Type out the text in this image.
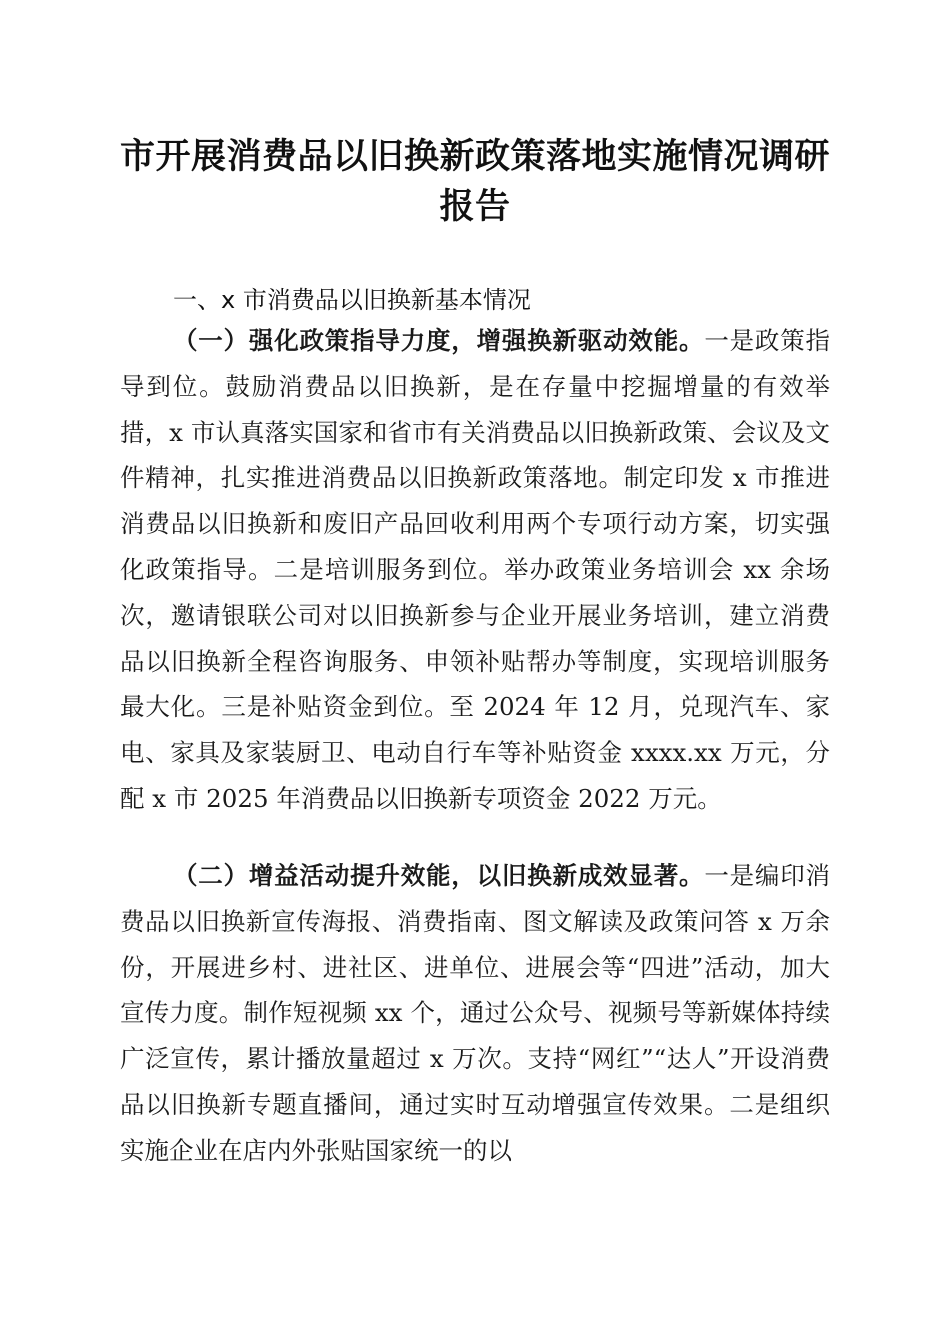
市开展消费品以旧换新政策落地实施情况调研
报告
一、x 市消费品以旧换新基本情况

（一）强化政策指导力度，增强换新驱动效能。一是政策指导到位。鼓励消费品以旧换新，是在存量中挖掘增量的有效举措，x 市认真落实国家和省市有关消费品以旧换新政策、会议及文件精神，扎实推进消费品以旧换新政策落地。制定印发 x 市推进消费品以旧换新和废旧产品回收利用两个专项行动方案，切实强化政策指导。二是培训服务到位。举办政策业务培训会 xx 余场次，邀请银联公司对以旧换新参与企业开展业务培训，建立消费品以旧换新全程咨询服务、申领补贴帮办等制度，实现培训服务最大化。三是补贴资金到位。至 2024 年 12 月，兑现汽车、家电、家具及家装厨卫、电动自行车等补贴资金 xxxx.xx 万元，分配 x 市 2025 年消费品以旧换新专项资金 2022 万元。

（二）增益活动提升效能，以旧换新成效显著。一是编印消费品以旧换新宣传海报、消费指南、图文解读及政策问答 x 万余份，开展进乡村、进社区、进单位、进展会等“四进”活动，加大宣传力度。制作短视频 xx 个，通过公众号、视频号等新媒体持续广泛宣传，累计播放量超过 x 万次。支持“网红”“达人”开设消费品以旧换新专题直播间，通过实时互动增强宣传效果。二是组织实施企业在店内外张贴国家统一的以
